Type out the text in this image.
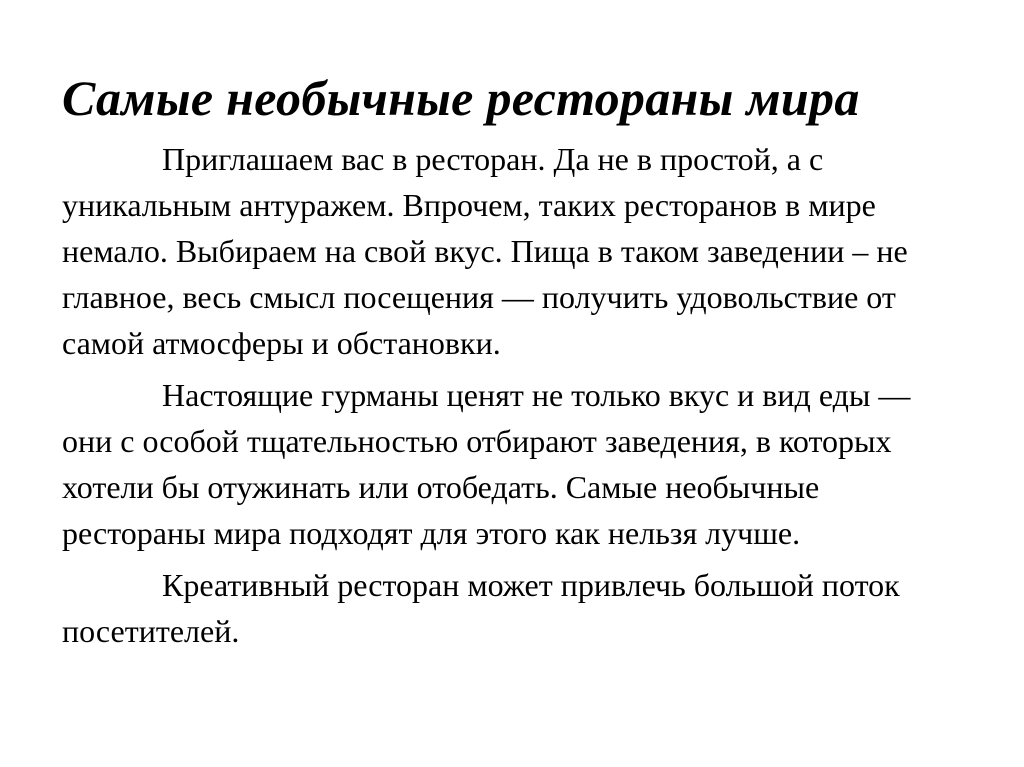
Самые необычные рестораны мира

Приглашаем вас в ресторан. Да не в простой, а с уникальным антуражем. Впрочем, таких ресторанов в мире немало. Выбираем на свой вкус. Пища в таком заведении – не главное, весь смысл посещения — получить удовольствие от самой атмосферы и обстановки.

Настоящие гурманы ценят не только вкус и вид еды — они с особой тщательностью отбирают заведения, в которых хотели бы отужинать или отобедать. Самые необычные рестораны мира подходят для этого как нельзя лучше.

Креативный ресторан может привлечь большой поток посетителей.
